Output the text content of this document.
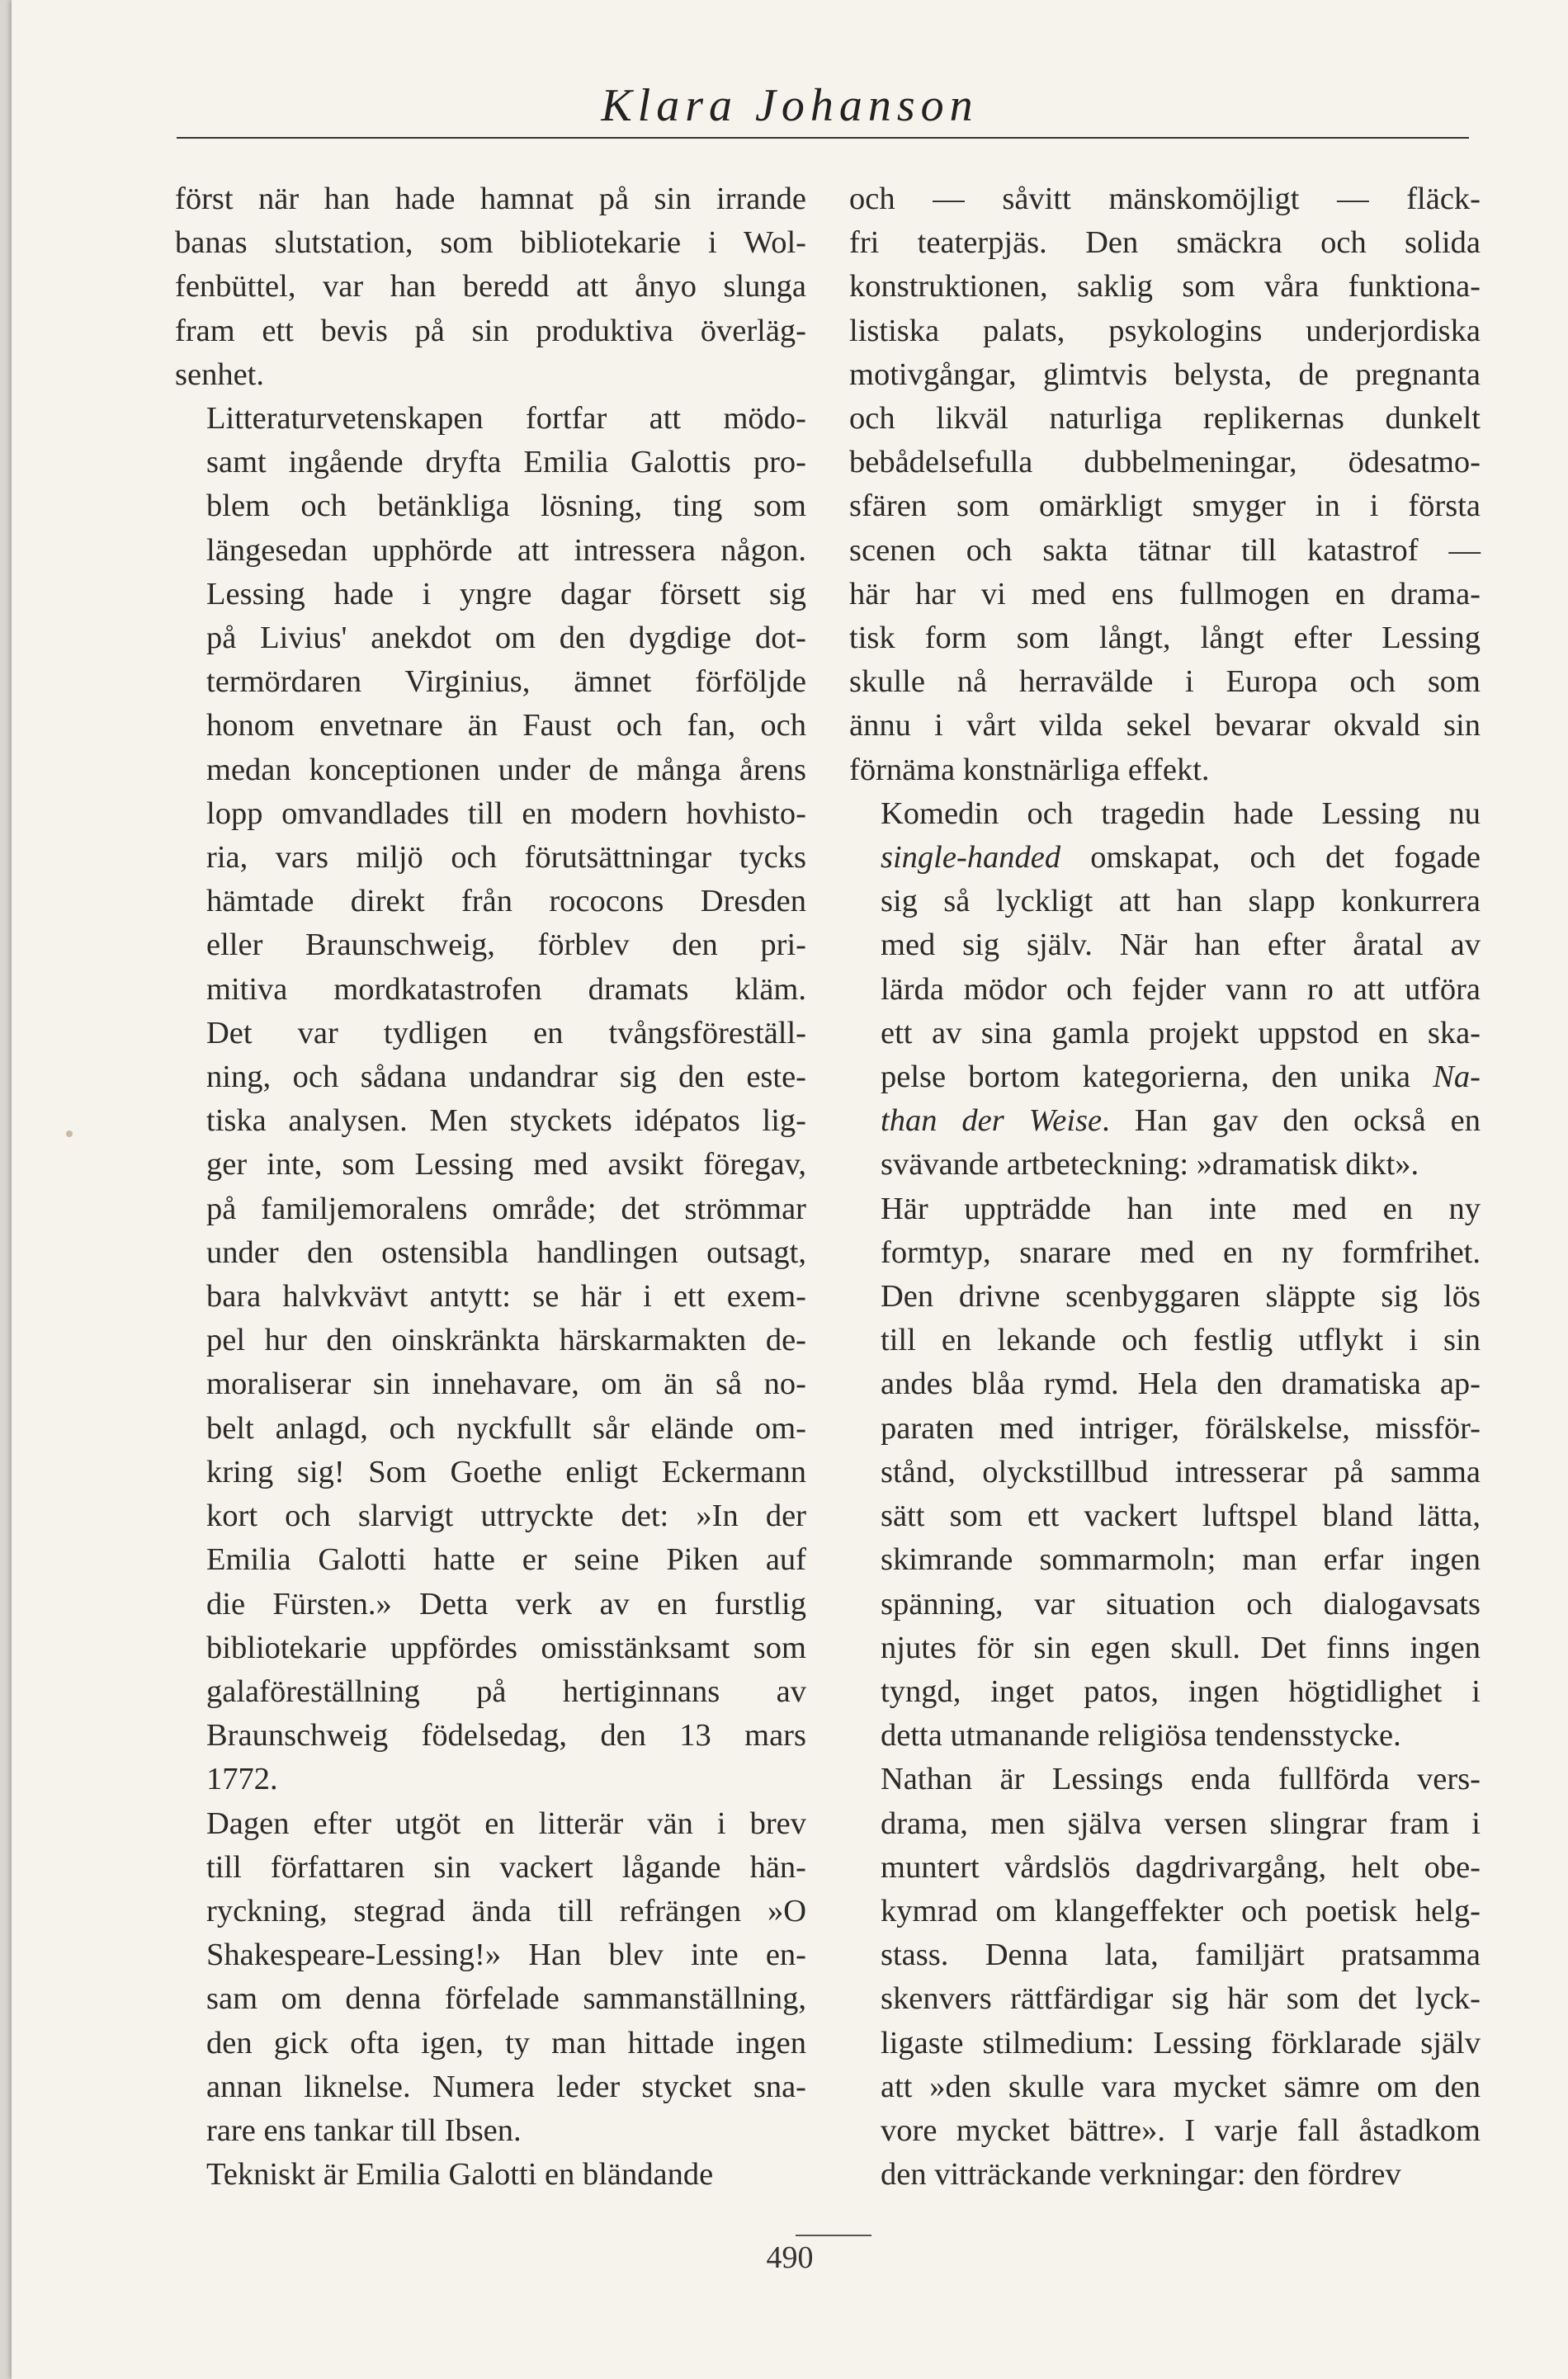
Klara Johanson

först när han hade hamnat på sin irrande
banas slutstation, som bibliotekarie i Wol-
fenbüttel, var han beredd att ånyo slunga
fram ett bevis på sin produktiva överläg-
senhet.

Litteraturvetenskapen fortfar att mödo-
samt ingående dryfta Emilia Galottis pro-
blem och betänkliga lösning, ting som
längesedan upphörde att intressera någon.
Lessing hade i yngre dagar försett sig
på Livius' anekdot om den dygdige dot-
termördaren Virginius, ämnet förföljde
honom envetnare än Faust och fan, och
medan konceptionen under de många årens
lopp omvandlades till en modern hovhisto-
ria, vars miljö och förutsättningar tycks
hämtade direkt från rococons Dresden
eller Braunschweig, förblev den pri-
mitiva mordkatastrofen dramats kläm.
Det var tydligen en tvångsföreställ-
ning, och sådana undandrar sig den este-
tiska analysen. Men styckets idépatos lig-
ger inte, som Lessing med avsikt föregav,
på familjemoralens område; det strömmar
under den ostensibla handlingen outsagt,
bara halvkvävt antytt: se här i ett exem-
pel hur den oinskränkta härskarmakten de-
moraliserar sin innehavare, om än så no-
belt anlagd, och nyckfullt sår elände om-
kring sig! Som Goethe enligt Eckermann
kort och slarvigt uttryckte det: »In der
Emilia Galotti hatte er seine Piken auf
die Fürsten.» Detta verk av en furstlig
bibliotekarie uppfördes omisstänksamt som
galaföreställning på hertiginnans av
Braunschweig födelsedag, den 13 mars
1772.

Dagen efter utgöt en litterär vän i brev
till författaren sin vackert lågande hän-
ryckning, stegrad ända till refrängen »O
Shakespeare-Lessing!» Han blev inte en-
sam om denna förfelade sammanställning,
den gick ofta igen, ty man hittade ingen
annan liknelse. Numera leder stycket sna-
rare ens tankar till Ibsen.

Tekniskt är Emilia Galotti en bländande

och — såvitt mänskomöjligt — fläck-
fri teaterpjäs. Den smäckra och solida
konstruktionen, saklig som våra funktiona-
listiska palats, psykologins underjordiska
motivgångar, glimtvis belysta, de pregnanta
och likväl naturliga replikernas dunkelt
bebådelsefulla dubbelmeningar, ödesatmo-
sfären som omärkligt smyger in i första
scenen och sakta tätnar till katastrof —
här har vi med ens fullmogen en drama-
tisk form som långt, långt efter Lessing
skulle nå herravälde i Europa och som
ännu i vårt vilda sekel bevarar okvald sin
förnäma konstnärliga effekt.

Komedin och tragedin hade Lessing nu
single-handed omskapat, och det fogade
sig så lyckligt att han slapp konkurrera
med sig själv. När han efter åratal av
lärda mödor och fejder vann ro att utföra
ett av sina gamla projekt uppstod en ska-
pelse bortom kategorierna, den unika Na-
than der Weise. Han gav den också en
svävande artbeteckning: »dramatisk dikt».

Här uppträdde han inte med en ny
formtyp, snarare med en ny formfrihet.
Den drivne scenbyggaren släppte sig lös
till en lekande och festlig utflykt i sin
andes blåa rymd. Hela den dramatiska ap-
paraten med intriger, förälskelse, missför-
stånd, olyckstillbud intresserar på samma
sätt som ett vackert luftspel bland lätta,
skimrande sommarmoln; man erfar ingen
spänning, var situation och dialogavsats
njutes för sin egen skull. Det finns ingen
tyngd, inget patos, ingen högtidlighet i
detta utmanande religiösa tendensstycke.

Nathan är Lessings enda fullförda vers-
drama, men själva versen slingrar fram i
muntert vårdslös dagdrivargång, helt obe-
kymrad om klangeffekter och poetisk helg-
stass. Denna lata, familjärt pratsamma
skenvers rättfärdigar sig här som det lyck-
ligaste stilmedium: Lessing förklarade själv
att »den skulle vara mycket sämre om den
vore mycket bättre». I varje fall åstadkom
den vitträckande verkningar: den fördrev

490
